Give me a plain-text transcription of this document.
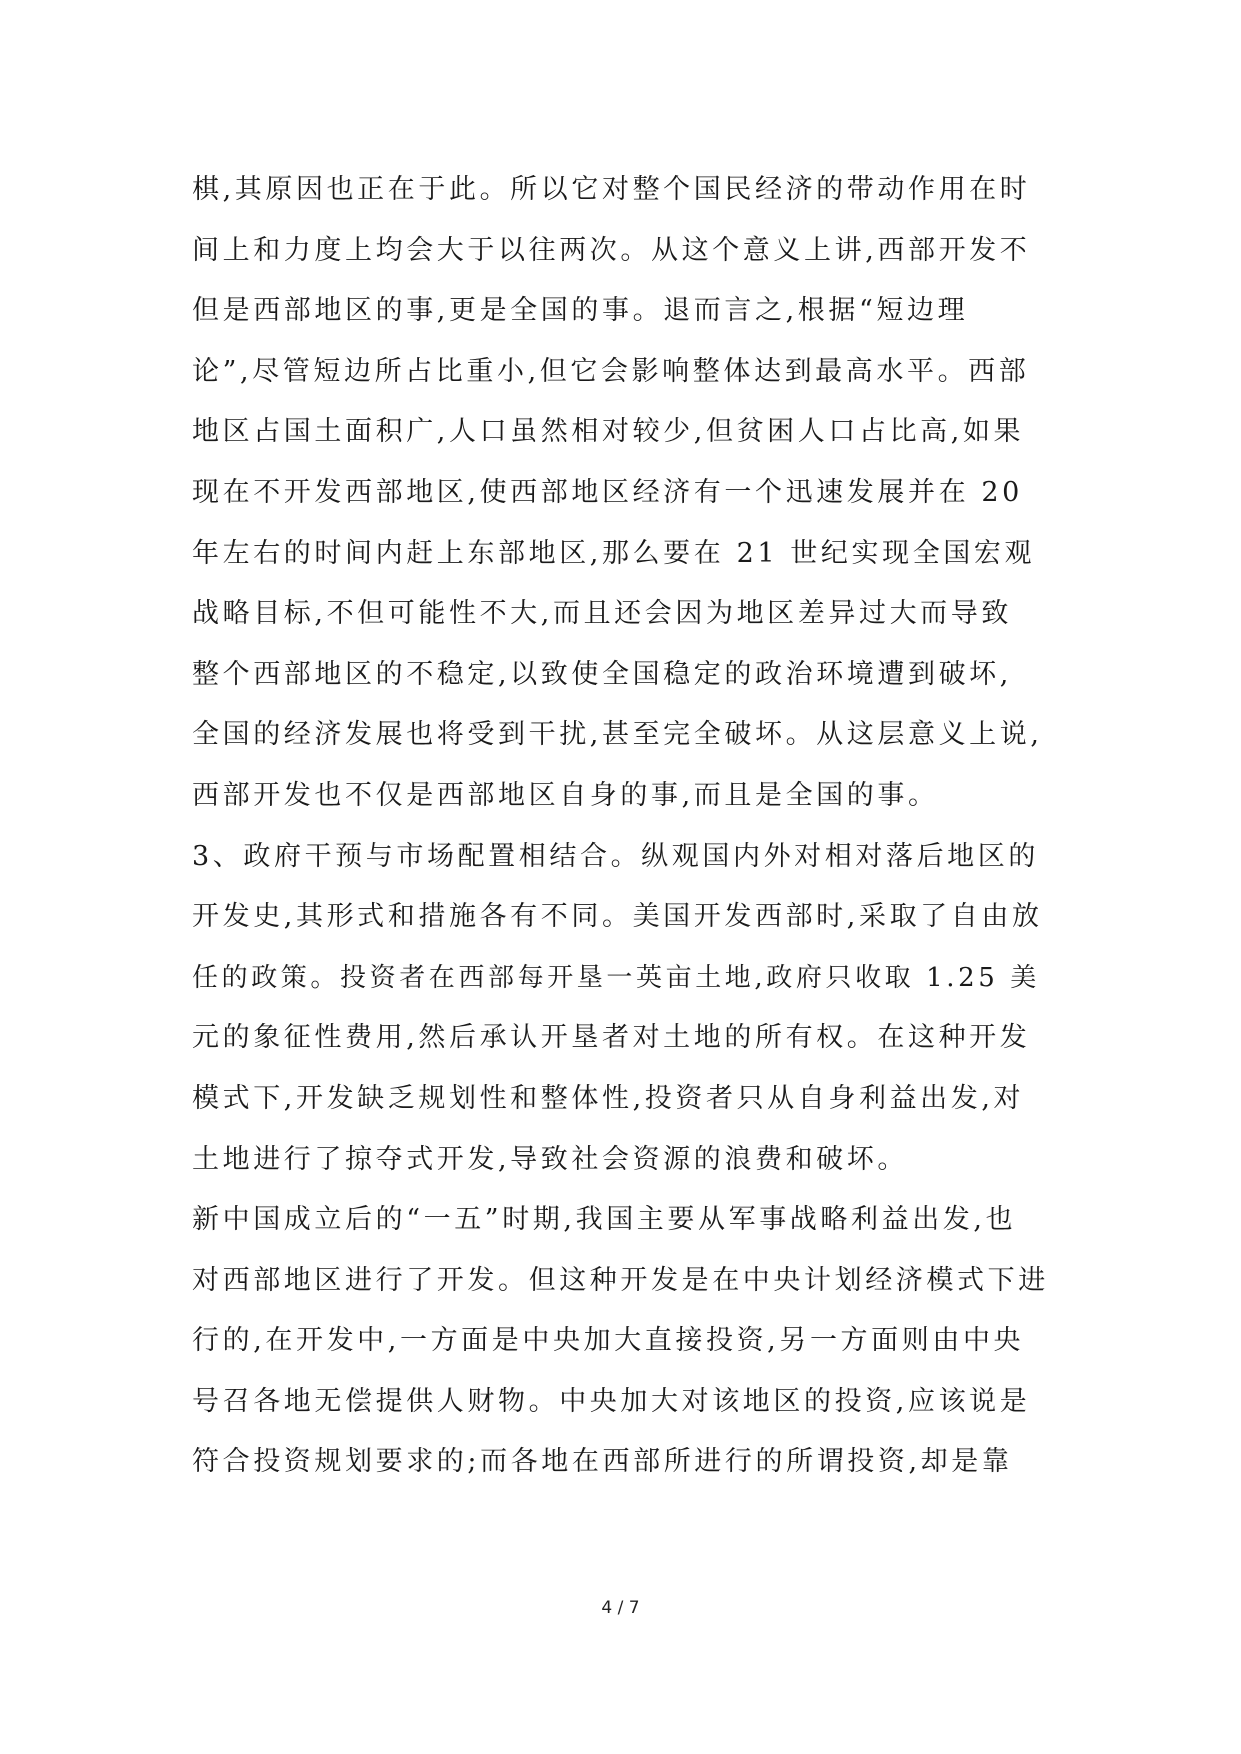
棋,其原因也正在于此。所以它对整个国民经济的带动作用在时
间上和力度上均会大于以往两次。从这个意义上讲,西部开发不
但是西部地区的事,更是全国的事。退而言之,根据“短边理
论”,尽管短边所占比重小,但它会影响整体达到最高水平。西部
地区占国土面积广,人口虽然相对较少,但贫困人口占比高,如果
现在不开发西部地区,使西部地区经济有一个迅速发展并在 20
年左右的时间内赶上东部地区,那么要在 21 世纪实现全国宏观
战略目标,不但可能性不大,而且还会因为地区差异过大而导致
整个西部地区的不稳定,以致使全国稳定的政治环境遭到破坏,
全国的经济发展也将受到干扰,甚至完全破坏。从这层意义上说,
西部开发也不仅是西部地区自身的事,而且是全国的事。
3、政府干预与市场配置相结合。纵观国内外对相对落后地区的
开发史,其形式和措施各有不同。美国开发西部时,采取了自由放
任的政策。投资者在西部每开垦一英亩土地,政府只收取 1.25 美
元的象征性费用,然后承认开垦者对土地的所有权。在这种开发
模式下,开发缺乏规划性和整体性,投资者只从自身利益出发,对
土地进行了掠夺式开发,导致社会资源的浪费和破坏。
新中国成立后的“一五”时期,我国主要从军事战略利益出发,也
对西部地区进行了开发。但这种开发是在中央计划经济模式下进
行的,在开发中,一方面是中央加大直接投资,另一方面则由中央
号召各地无偿提供人财物。中央加大对该地区的投资,应该说是
符合投资规划要求的;而各地在西部所进行的所谓投资,却是靠
4 / 7
